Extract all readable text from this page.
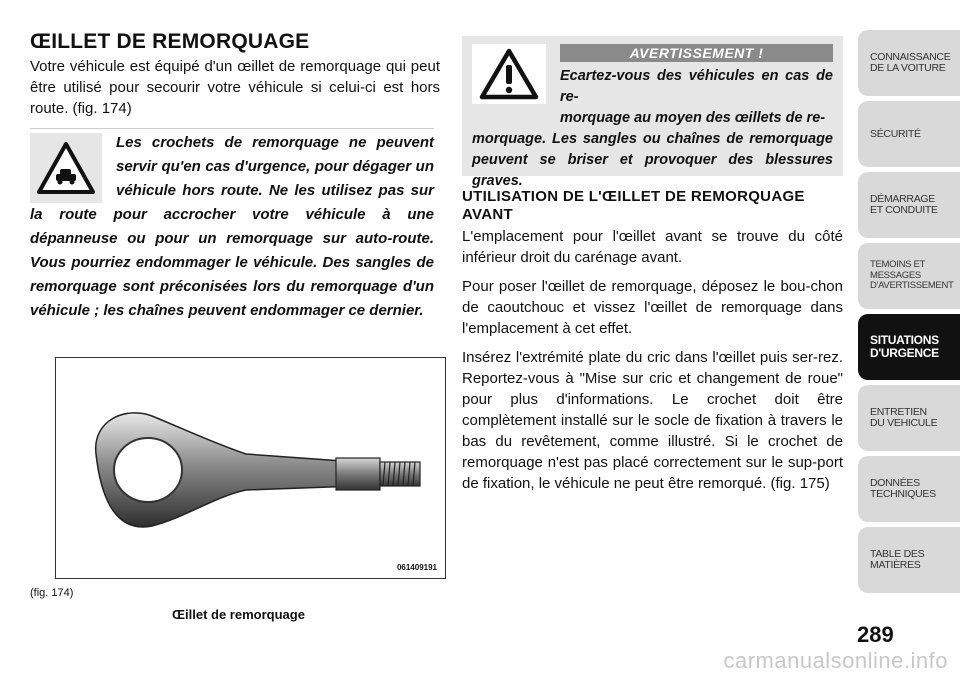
ŒILLET DE REMORQUAGE

Votre véhicule est équipé d'un œillet de remorquage qui peut être utilisé pour secourir votre véhicule si celui-ci est hors route. (fig. 174)

Les crochets de remorquage ne peuvent servir qu'en cas d'urgence, pour dégager un véhicule hors route. Ne les utilisez pas sur la route pour accrocher votre véhicule à une dépanneuse ou pour un remorquage sur auto-route. Vous pourriez endommager le véhicule. Des sangles de remorquage sont préconisées lors du remorquage d'un véhicule ; les chaînes peuvent endommager ce dernier.
061409191
(fig. 174)
Œillet de remorquage
AVERTISSEMENT !
Ecartez-vous des véhicules en cas de re-
morquage au moyen des œillets de re-
morquage. Les sangles ou chaînes de remorquage peuvent se briser et provoquer des blessures graves.
UTILISATION DE L'ŒILLET DE REMORQUAGE AVANT

L'emplacement pour l'œillet avant se trouve du côté inférieur droit du carénage avant.

Pour poser l'œillet de remorquage, déposez le bou-chon de caoutchouc et vissez l'œillet de remorquage dans l'emplacement à cet effet.

Insérez l'extrémité plate du cric dans l'œillet puis ser-rez. Reportez-vous à "Mise sur cric et changement de roue" pour plus d'informations. Le crochet doit être complètement installé sur le socle de fixation à travers le bas du revêtement, comme illustré. Si le crochet de remorquage n'est pas placé correctement sur le sup-port de fixation, le véhicule ne peut être remorqué. (fig. 175)

CONNAISSANCE
DE LA VOITURE
SÉCURITÉ
DÉMARRAGE
ET CONDUITE
TEMOINS ET
MESSAGES
D'AVERTISSEMENT
SITUATIONS
D'URGENCE
ENTRETIEN
DU VEHICULE
DONNÉES
TECHNIQUES
TABLE DES
MATIÈRES
289
carmanualsonline.info
